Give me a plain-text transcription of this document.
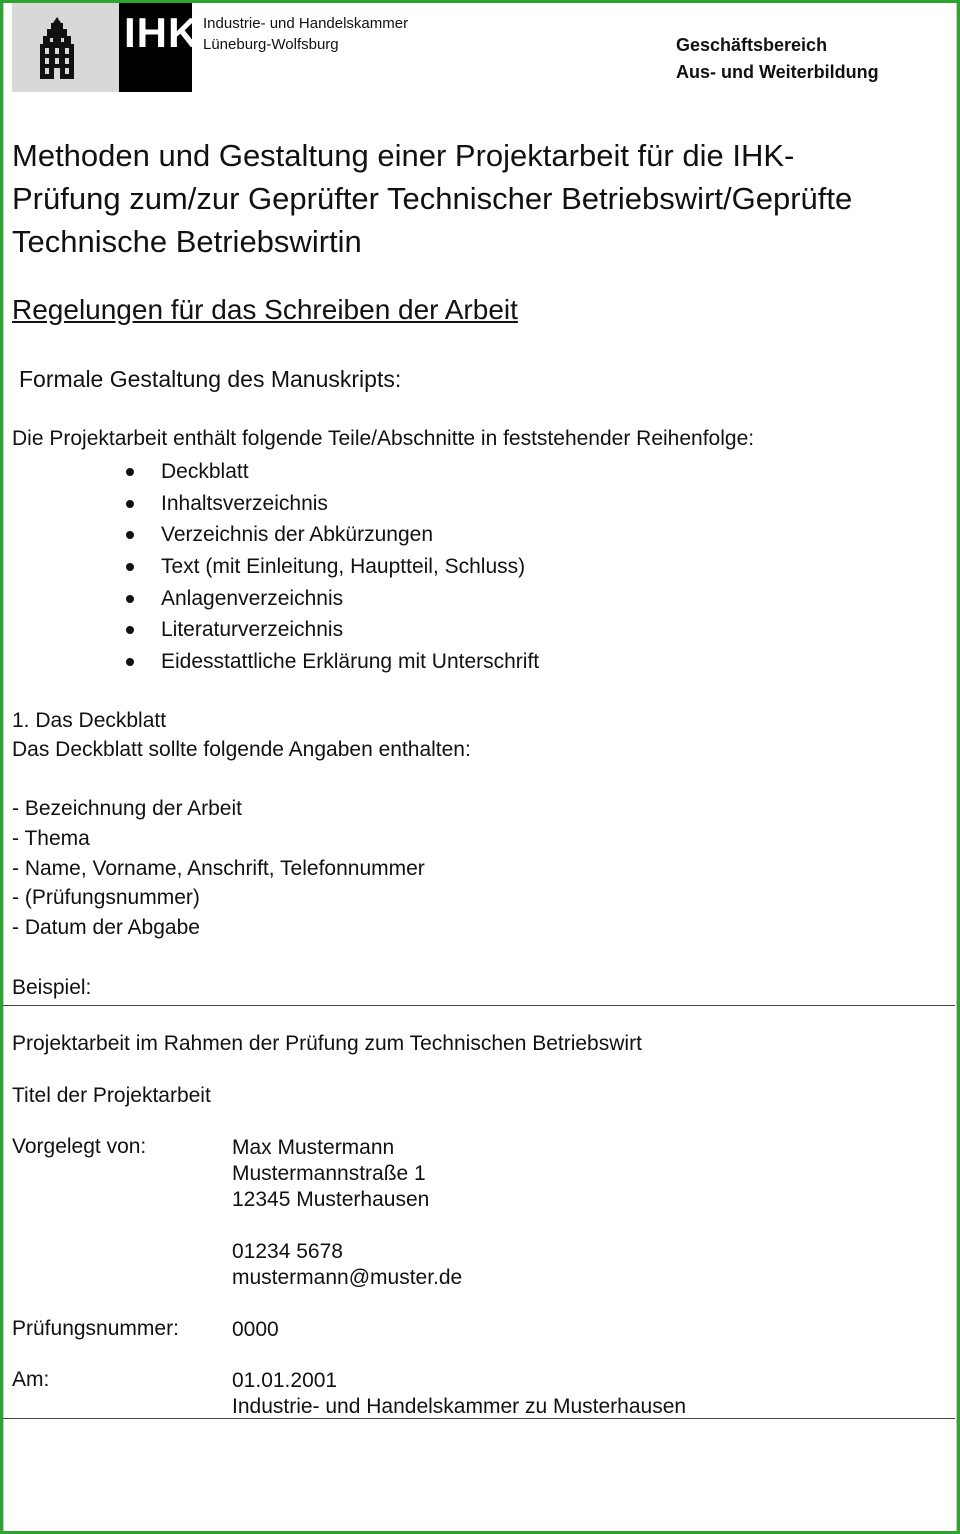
IHK Industrie- und Handelskammer
Lüneburg-Wolfsburg	Geschäftsbereich
Aus- und Weiterbildung
Methoden und Gestaltung einer Projektarbeit für die IHK-
Prüfung zum/zur Geprüfter Technischer Betriebswirt/Geprüfte
Technische Betriebswirtin
Regelungen für das Schreiben der Arbeit
Formale Gestaltung des Manuskripts:

Die Projektarbeit enthält folgende Teile/Abschnitte in feststehender Reihenfolge:

Deckblatt
Inhaltsverzeichnis
Verzeichnis der Abkürzungen
Text (mit Einleitung, Hauptteil, Schluss)
Anlagenverzeichnis
Literaturverzeichnis
Eidesstattliche Erklärung mit Unterschrift

1. Das Deckblatt

Das Deckblatt sollte folgende Angaben enthalten:

- Bezeichnung der Arbeit
- Thema
- Name, Vorname, Anschrift, Telefonnummer
- (Prüfungsnummer)
- Datum der Abgabe

Beispiel:

Projektarbeit im Rahmen der Prüfung zum Technischen Betriebswirt

Titel der Projektarbeit

Vorgelegt von:	Max Mustermann
Mustermannstraße 1
12345 Musterhausen
01234 5678
mustermann@muster.de

Prüfungsnummer:	0000

Am:	01.01.2001
Industrie- und Handelskammer zu Musterhausen
